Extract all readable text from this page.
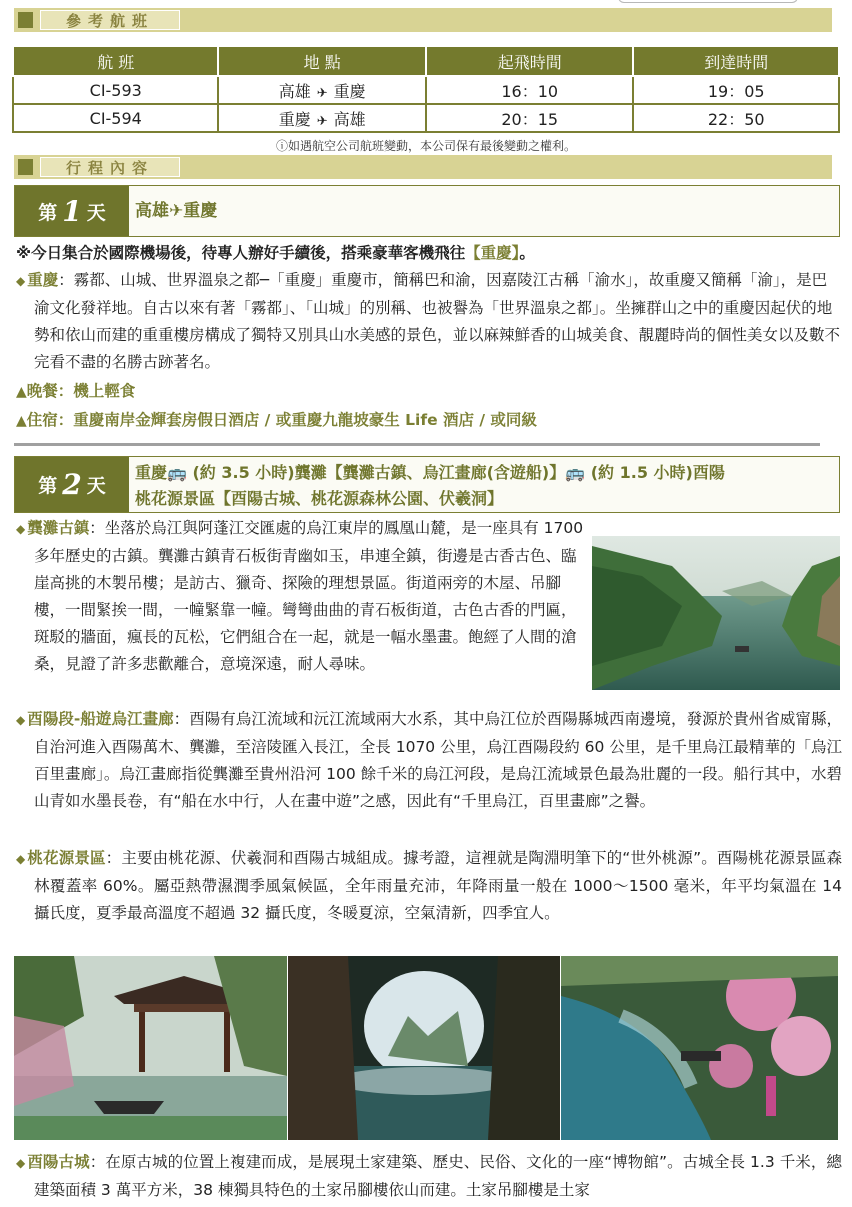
參考航班
航 班	地 點	起飛時間	到達時間
CI-593	高雄 ✈ 重慶	16：10	19：05
CI-594	重慶 ✈ 高雄	20：15	22：50
ⓘ如遇航空公司航班變動，本公司保有最後變動之權利。
行程內容
第 1 天 高雄✈重慶
※今日集合於國際機場後，待專人辦好手續後，搭乘豪華客機飛往【重慶】。
◆ 重慶：霧都、山城、世界溫泉之都─「重慶」重慶市，簡稱巴和渝，因嘉陵江古稱「渝水」，故重慶又簡稱「渝」，是巴渝文化發祥地。自古以來有著「霧都」、「山城」的別稱、也被譽為「世界溫泉之都」。坐擁群山之中的重慶因起伏的地勢和依山而建的重重樓房構成了獨特又別具山水美感的景色，並以麻辣鮮香的山城美食、靚麗時尚的個性美女以及數不完看不盡的名勝古跡著名。
▲晚餐：機上輕食
▲住宿：重慶南岸金輝套房假日酒店 / 或重慶九龍坡豪生 Life 酒店 / 或同級
第 2 天
重慶🚌 (約 3.5 小時)龔灘【龔灘古鎮、烏江畫廊(含遊船)】🚌 (約 1.5 小時)酉陽
桃花源景區【酉陽古城、桃花源森林公園、伏羲洞】
◆ 龔灘古鎮：坐落於烏江與阿蓬江交匯處的烏江東岸的鳳凰山麓，是一座具有 1700 多年歷史的古鎮。龔灘古鎮青石板街青幽如玉，串連全鎮，街邊是古香古色、臨崖高挑的木製吊樓；是訪古、獵奇、探險的理想景區。街道兩旁的木屋、吊腳樓，一間緊挨一間，一幢緊靠一幢。彎彎曲曲的青石板街道，古色古香的門匾，斑駁的牆面，瘋長的瓦松，它們組合在一起，就是一幅水墨畫。飽經了人間的滄桑，見證了許多悲歡離合，意境深遠，耐人尋味。
◆ 酉陽段-船遊烏江畫廊：酉陽有烏江流域和沅江流域兩大水系，其中烏江位於酉陽縣城西南邊境，發源於貴州省威甯縣，自治河進入酉陽萬木、龔灘，至涪陵匯入長江，全長 1070 公里，烏江酉陽段約 60 公里，是千里烏江最精華的「烏江百里畫廊」。烏江畫廊指從龔灘至貴州沿河 100 餘千米的烏江河段，是烏江流域景色最為壯麗的一段。船行其中，水碧山青如水墨長卷，有“船在水中行，人在畫中遊”之感，因此有“千里烏江，百里畫廊”之譽。
◆ 桃花源景區：主要由桃花源、伏羲洞和酉陽古城組成。據考證，這裡就是陶淵明筆下的“世外桃源”。酉陽桃花源景區森林覆蓋率 60%。屬亞熱帶濕潤季風氣候區，全年雨量充沛，年降雨量一般在 1000～1500 毫米，年平均氣溫在 14 攝氏度，夏季最高溫度不超過 32 攝氏度，冬暖夏涼，空氣清新，四季宜人。
◆ 酉陽古城：在原古城的位置上複建而成，是展現土家建築、歷史、民俗、文化的一座“博物館”。古城全長 1.3 千米，總建築面積 3 萬平方米，38 棟獨具特色的土家吊腳樓依山而建。土家吊腳樓是土家
